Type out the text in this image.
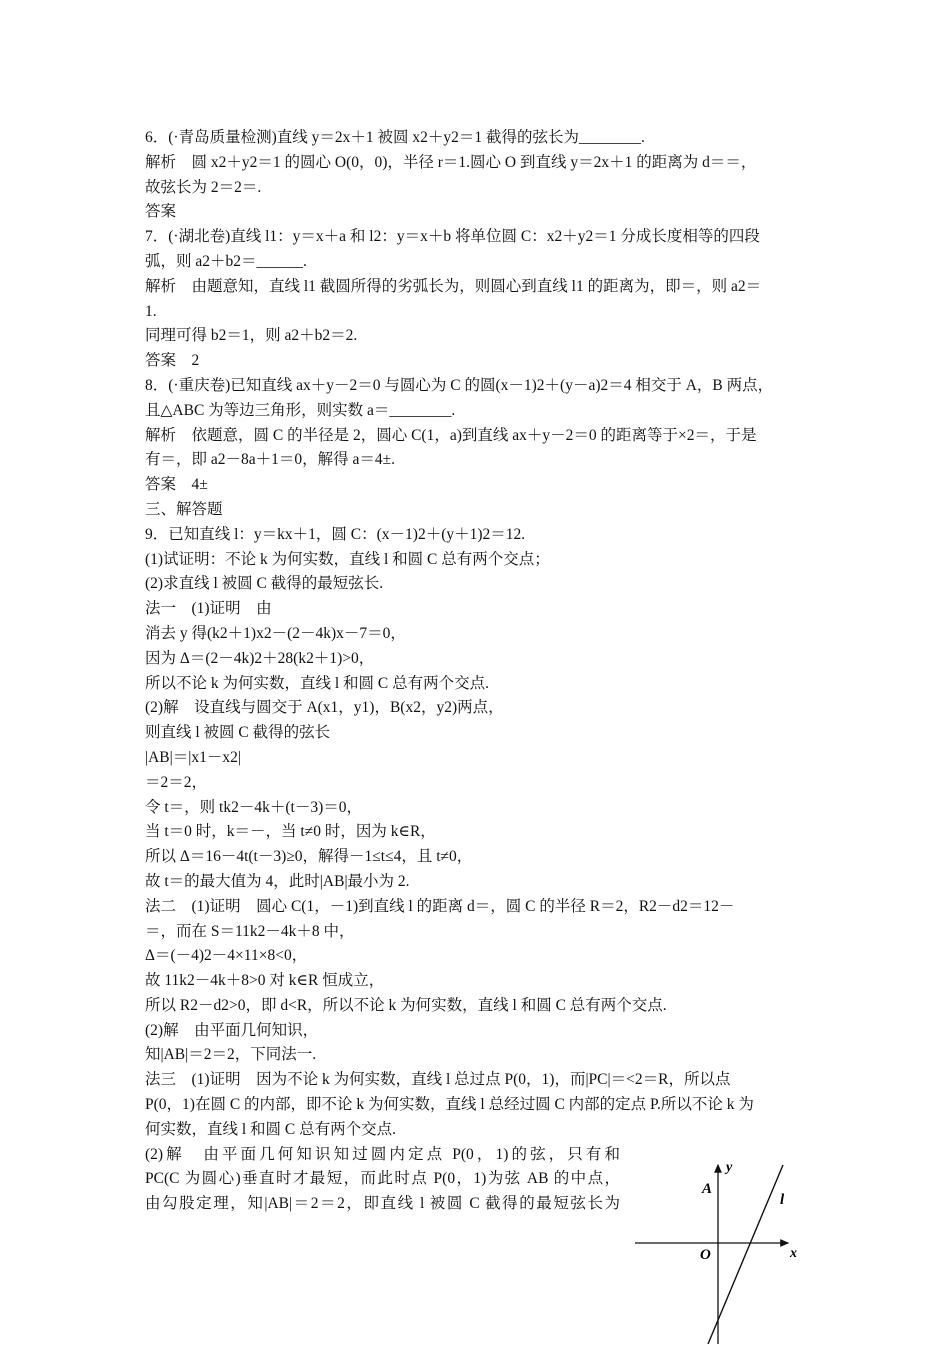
6．(·青岛质量检测)直线 y＝2x＋1 被圆 x2＋y2＝1 截得的弦长为________.
解析　圆 x2＋y2＝1 的圆心 O(0，0)，半径 r＝1.圆心 O 到直线 y＝2x＋1 的距离为 d＝＝，
故弦长为 2＝2＝.
答案
7．(·湖北卷)直线 l1：y＝x＋a 和 l2：y＝x＋b 将单位圆 C：x2＋y2＝1 分成长度相等的四段
弧，则 a2＋b2＝______.
解析　由题意知，直线 l1 截圆所得的劣弧长为，则圆心到直线 l1 的距离为，即＝，则 a2＝
1.
同理可得 b2＝1，则 a2＋b2＝2.
答案　2
8．(·重庆卷)已知直线 ax＋y－2＝0 与圆心为 C 的圆(x－1)2＋(y－a)2＝4 相交于 A，B 两点，
且△ABC 为等边三角形，则实数 a＝________.
解析　依题意，圆 C 的半径是 2，圆心 C(1，a)到直线 ax＋y－2＝0 的距离等于×2＝，于是
有＝，即 a2－8a＋1＝0，解得 a＝4±.
答案　4±
三、解答题
9．已知直线 l：y＝kx＋1，圆 C：(x－1)2＋(y＋1)2＝12.
(1)试证明：不论 k 为何实数，直线 l 和圆 C 总有两个交点；
(2)求直线 l 被圆 C 截得的最短弦长.
法一　(1)证明　由
消去 y 得(k2＋1)x2－(2－4k)x－7＝0，
因为 Δ＝(2－4k)2＋28(k2＋1)>0，
所以不论 k 为何实数，直线 l 和圆 C 总有两个交点.
(2)解　设直线与圆交于 A(x1，y1)，B(x2，y2)两点，
则直线 l 被圆 C 截得的弦长
|AB|＝|x1－x2|
＝2＝2，
令 t＝，则 tk2－4k＋(t－3)＝0，
当 t＝0 时，k＝－，当 t≠0 时，因为 k∈R，
所以 Δ＝16－4t(t－3)≥0，解得－1≤t≤4，且 t≠0，
故 t＝的最大值为 4，此时|AB|最小为 2.
法二　(1)证明　圆心 C(1，－1)到直线 l 的距离 d＝，圆 C 的半径 R＝2，R2－d2＝12－
＝，而在 S＝11k2－4k＋8 中，
Δ＝(－4)2－4×11×8<0，
故 11k2－4k＋8>0 对 k∈R 恒成立，
所以 R2－d2>0，即 d<R，所以不论 k 为何实数，直线 l 和圆 C 总有两个交点.
(2)解　由平面几何知识，
知|AB|＝2＝2，下同法一.
法三　(1)证明　因为不论 k 为何实数，直线 l 总过点 P(0，1)，而|PC|＝<2＝R，所以点
P(0，1)在圆 C 的内部，即不论 k 为何实数，直线 l 总经过圆 C 内部的定点 P.所以不论 k 为
何实数，直线 l 和圆 C 总有两个交点.
(2)解　由平面几何知识知过圆内定点 P(0，1)的弦，只有和
PC(C 为圆心)垂直时才最短，而此时点 P(0，1)为弦 AB 的中点，
由勾股定理，知|AB|＝2＝2，即直线 l 被圆 C 截得的最短弦长为
y
x
A
O
l
